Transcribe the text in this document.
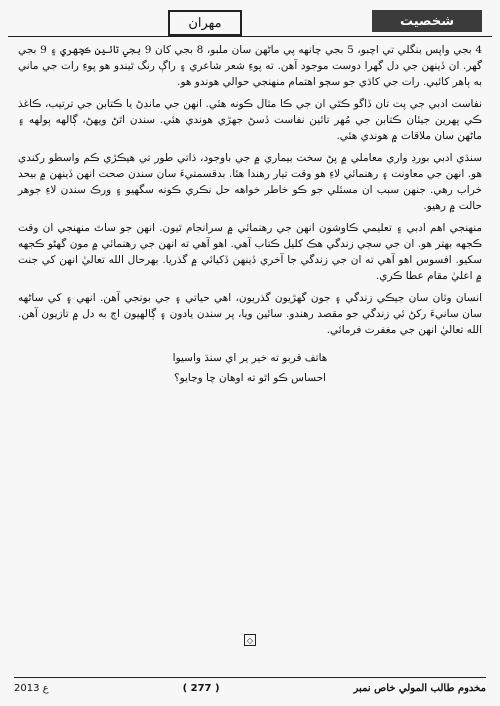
مهران	شخصيت

4 بجي واپس بنگلي تي اچبو، 5 بجي چانهه پي ماڻهن سان ملبو، 8 بجي کان 9 بجي تائين ڪچهري ۽ 9 بجي گهر. ان ڏينهن جي دل گهرا دوست موجود آهن. ته پوءِ شعر شاعري ۽ راڳ رنگ ٿيندو هو پوءِ رات جي ماني به ٻاهر کائبي. رات جي کاڌي جو سڄو اهتمام منهنجي حوالي هوندو هو.

نفاست ادبي جي پت تان ڏاگو ڪٿي ان جي ڪا مثال ڪونه هئي. انهن جي مانڊڻ يا ڪتابن جي ترتيب، ڪاغذ ڪي پهرين جيئان ڪتابن جي مُهر تائين نفاست ڏسڻ جهڙي هوندي هئي. سندن اٿڻ ويهڻ، ڳالهه ٻولهه ۽ ماڻهن سان ملاقات ۾ هوندي هئي.

سنڌي ادبي بورڊ واري معاملي ۾ پڻ سخت بيماري ۾ جي باوجود، ذاتي طور تي هيڪڙي ڪم واسطو رکندي هو. انهن جي معاونت ۽ رهنمائي لاءِ هو وقت تيار رهندا هئا. بدقسمتيءَ سان سندن صحت انهن ڏينهن ۾ بيحد خراب رهي. جنهن سبب ان مسئلي جو ڪو خاطر خواهه حل نڪري ڪونه سگهيو ۽ ورڪ سندن لاءِ جوهر حالت ۾ رهيو.

منهنجي اهم ادبي ۽ تعليمي ڪاوشون انهن جي رهنمائي ۾ سرانجام ٿيون. انهن جو ساٿ منهنجي ان وقت ڪجهه بهتر هو. ان جي سڄي زندگي هڪ کليل ڪتاب آهي. اهو آهي ته انهن جي رهنمائي ۾ مون گهڻو ڪجهه سکيو. افسوس اهو آهي ته ان جي زندگي جا آخري ڏينهن ڏکيائي ۾ گذريا. بهرحال الله تعاليٰ انهن کي جنت ۾ اعليٰ مقام عطا ڪري.

انسان وٽان سان جيڪي زندگي ۽ جون گهڙيون گذريون، اهي حياتي ۽ جي بونجي آهن. انهي ۽ کي ساڻهه سان سانيءَ رکڻ ئي زندگي جو مقصد رهندو. سائين ويا، پر سندن يادون ۽ ڳالهيون اڄ به دل ۾ تازيون آهن. الله تعاليٰ انهن جي مغفرت فرمائي.

هاتف قربو ته خير ير اي سنڌ واسيوا
احساس ڪو اٿو ته اوهان چا وڃايو؟
◇
2013 ع	( 277 )	مخدوم طالب المولي خاص نمبر
